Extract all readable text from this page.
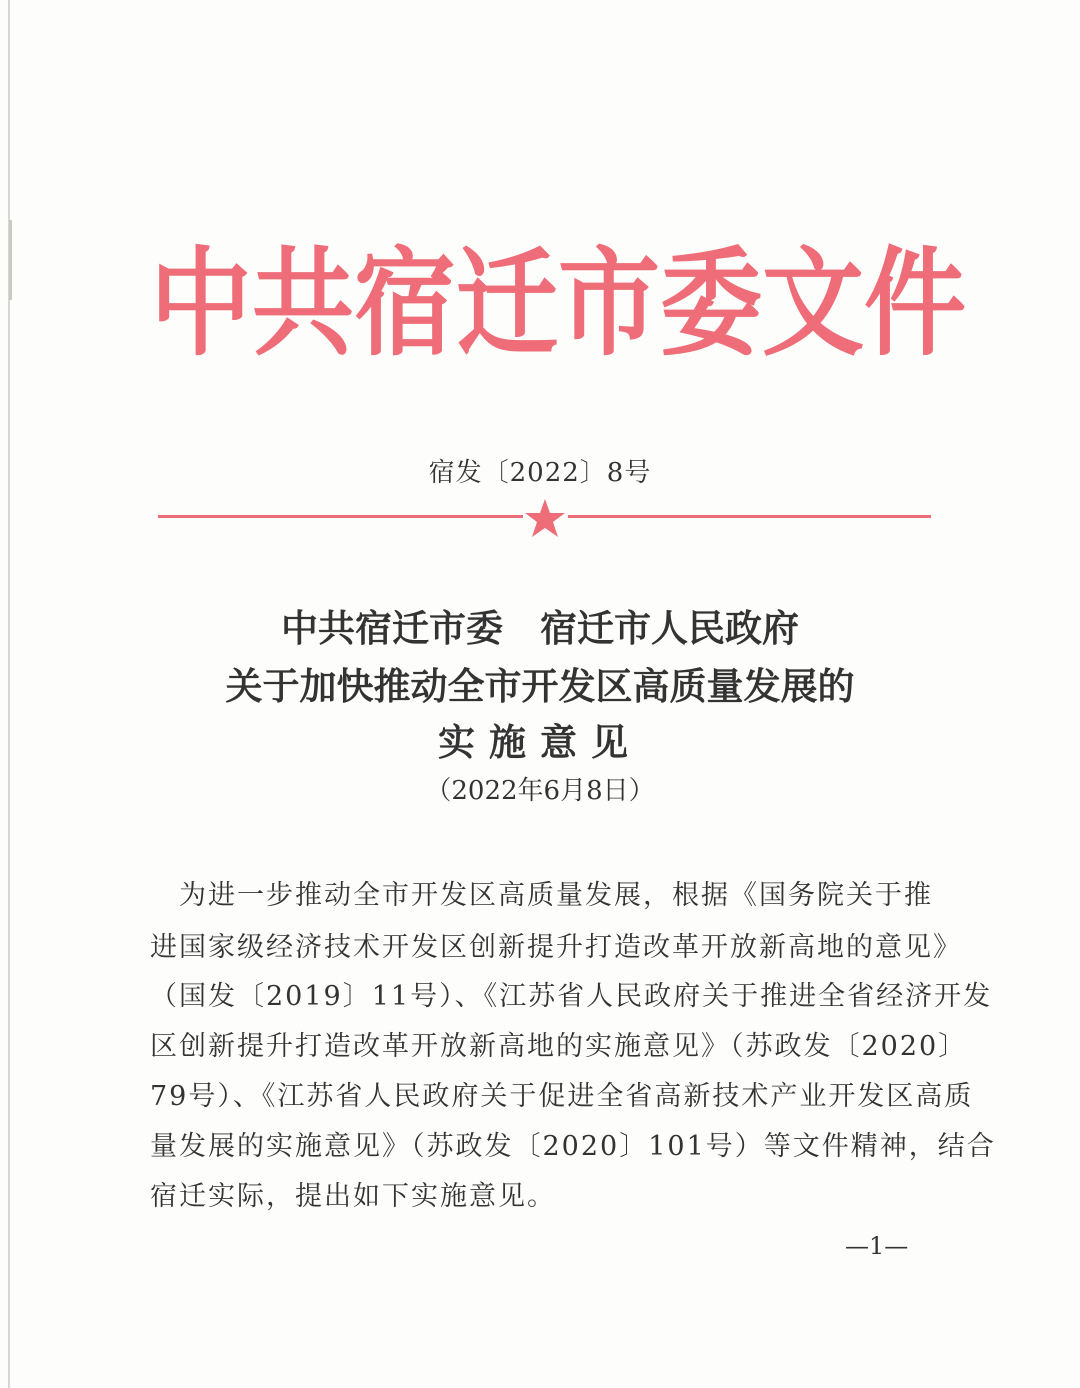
中共宿迁市委文件
宿发〔2022〕8号
中共宿迁市委　宿迁市人民政府
关于加快推动全市开发区高质量发展的
实施意见
（2022年6月8日）
　为进一步推动全市开发区高质量发展，根据《国务院关于推
进国家级经济技术开发区创新提升打造改革开放新高地的意见》
（国发〔2019〕11号）、《江苏省人民政府关于推进全省经济开发
区创新提升打造改革开放新高地的实施意见》（苏政发〔2020〕
79号）、《江苏省人民政府关于促进全省高新技术产业开发区高质
量发展的实施意见》（苏政发〔2020〕101号）等文件精神，结合
宿迁实际，提出如下实施意见。
—1—
